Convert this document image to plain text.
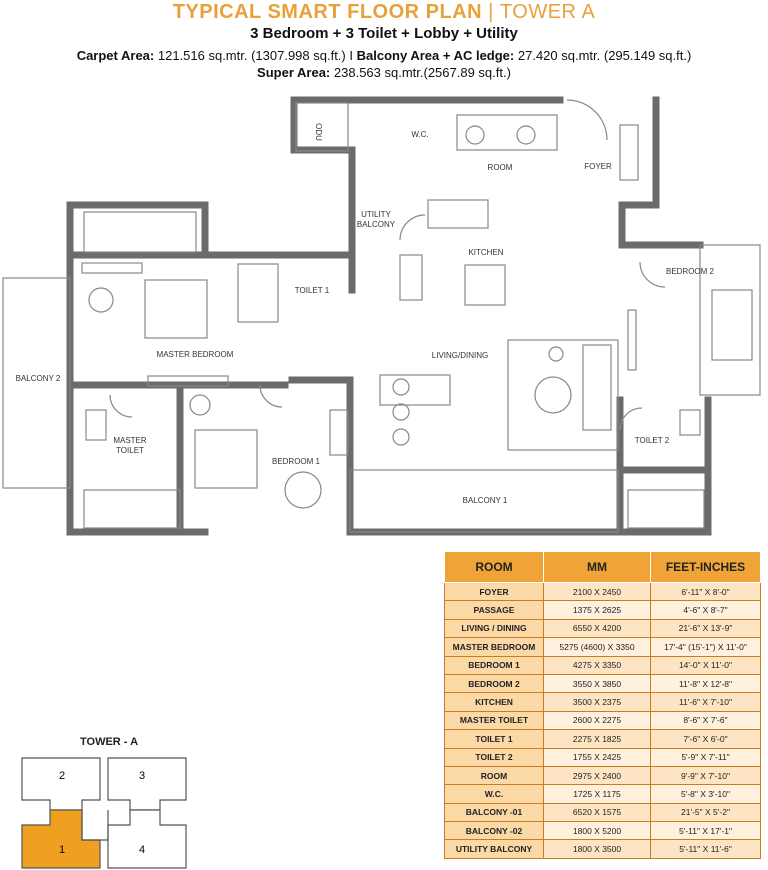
TYPICAL SMART FLOOR PLAN | TOWER A
3 Bedroom + 3 Toilet + Lobby + Utility
Carpet Area: 121.516 sq.mtr. (1307.998 sq.ft.) I Balcony Area + AC ledge: 27.420 sq.mtr. (295.149 sq.ft.)
Super Area: 238.563 sq.mtr.(2567.89 sq.ft.)
ODU	W.C.
ROOM	FOYER
UTILITY
BALCONY
KITCHEN
BEDROOM 2
TOILET 1
MASTER BEDROOM	LIVING/DINING
BALCONY 2
MASTER
TOILET
BEDROOM 1
TOILET 2
BALCONY 1
2	3
1	4
TOWER - A
ROOM	MM	FEET-INCHES
FOYER	2100 X 2450	6'-11" X 8'-0"
PASSAGE	1375 X 2625	4'-6" X 8'-7"
LIVING / DINING	6550 X 4200	21'-6" X 13'-9"
MASTER BEDROOM	5275 (4600) X 3350	17'-4" (15'-1") X 11'-0"
BEDROOM 1	4275 X 3350	14'-0" X 11'-0"
BEDROOM 2	3550 X 3850	11'-8" X 12'-8"
KITCHEN	3500 X 2375	11'-6" X 7'-10"
MASTER TOILET	2600 X 2275	8'-6" X 7'-6"
TOILET 1	2275 X 1825	7'-6" X 6'-0"
TOILET 2	1755 X 2425	5'-9" X 7'-11"
ROOM	2975 X 2400	9'-9" X 7'-10"
W.C.	1725 X 1175	5'-8" X 3'-10"
BALCONY -01	6520 X 1575	21'-5" X 5'-2"
BALCONY -02	1800 X 5200	5'-11" X 17'-1"
UTILITY BALCONY	1800 X 3500	5'-11" X 11'-6"
